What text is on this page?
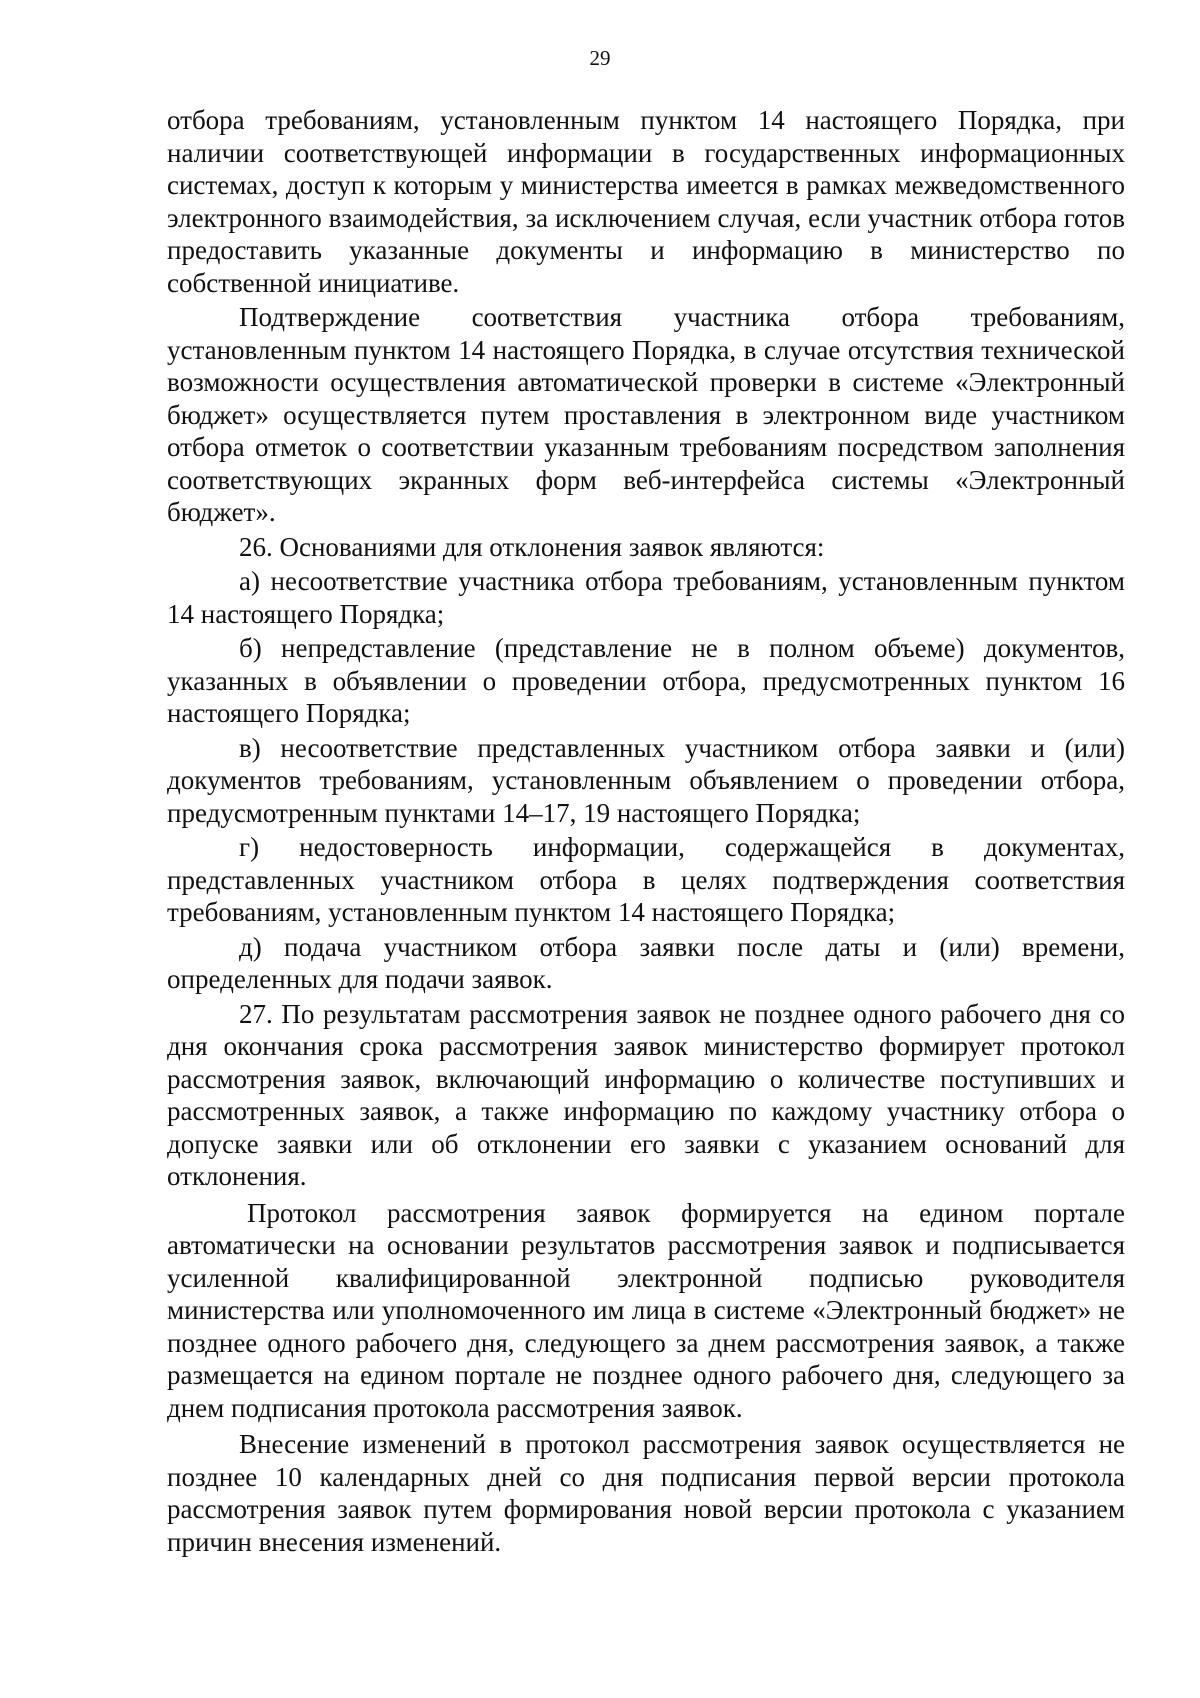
29

отбора требованиям, установленным пунктом 14 настоящего Порядка, при наличии соответствующей информации в государственных информационных системах, доступ к которым у министерства имеется в рамках межведомственного электронного взаимодействия, за исключением случая, если участник отбора готов предоставить указанные документы и информацию в министерство по собственной инициативе.

Подтверждение соответствия участника отбора требованиям, установленным пунктом 14 настоящего Порядка, в случае отсутствия технической возможности осуществления автоматической проверки в системе «Электронный бюджет» осуществляется путем проставления в электронном виде участником отбора отметок о соответствии указанным требованиям посредством заполнения соответствующих экранных форм веб-интерфейса системы «Электронный бюджет».

26. Основаниями для отклонения заявок являются:

а) несоответствие участника отбора требованиям, установленным пунктом 14 настоящего Порядка;

б) непредставление (представление не в полном объеме) документов, указанных в объявлении о проведении отбора, предусмотренных пунктом 16 настоящего Порядка;

в) несоответствие представленных участником отбора заявки и (или) документов требованиям, установленным объявлением о проведении отбора, предусмотренным пунктами 14–17, 19 настоящего Порядка;

г) недостоверность информации, содержащейся в документах, представленных участником отбора в целях подтверждения соответствия требованиям, установленным пунктом 14 настоящего Порядка;

д) подача участником отбора заявки после даты и (или) времени, определенных для подачи заявок.

27. По результатам рассмотрения заявок не позднее одного рабочего дня со дня окончания срока рассмотрения заявок министерство формирует протокол рассмотрения заявок, включающий информацию о количестве поступивших и рассмотренных заявок, а также информацию по каждому участнику отбора о допуске заявки или об отклонении его заявки с указанием оснований для отклонения.

Протокол рассмотрения заявок формируется на едином портале автоматически на основании результатов рассмотрения заявок и подписывается усиленной квалифицированной электронной подписью руководителя министерства или уполномоченного им лица в системе «Электронный бюджет» не позднее одного рабочего дня, следующего за днем рассмотрения заявок, а также размещается на едином портале не позднее одного рабочего дня, следующего за днем подписания протокола рассмотрения заявок.

Внесение изменений в протокол рассмотрения заявок осуществляется не позднее 10 календарных дней со дня подписания первой версии протокола рассмотрения заявок путем формирования новой версии протокола с указанием причин внесения изменений.
